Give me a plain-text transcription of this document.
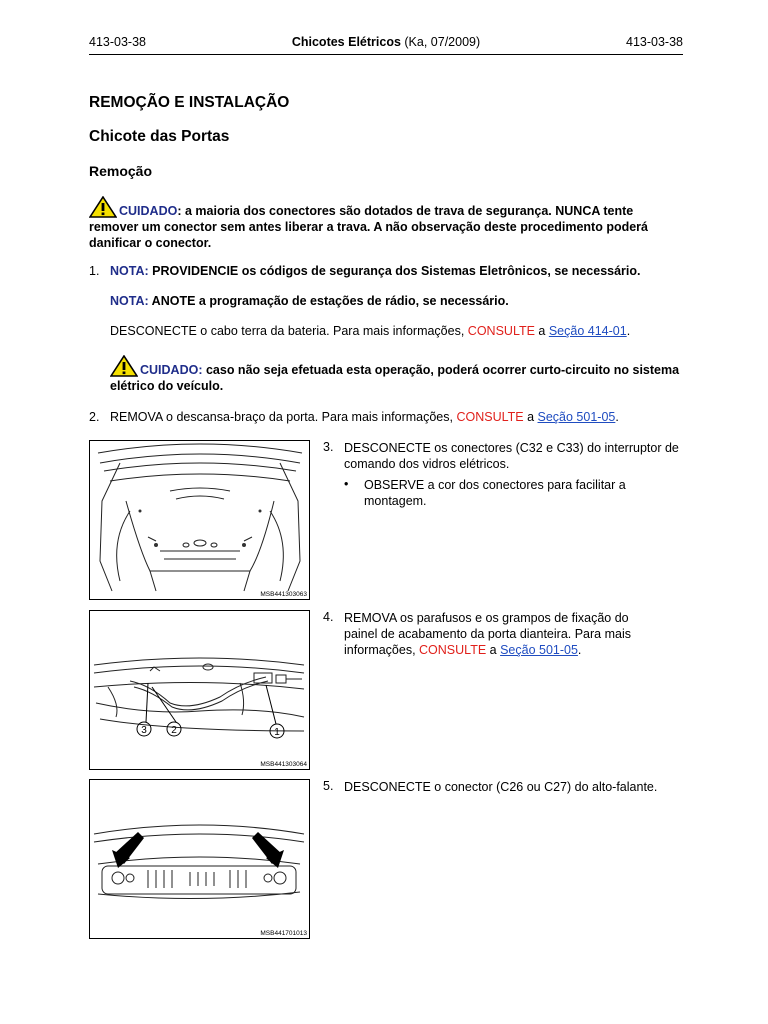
413-03-38	Chicotes Elétricos (Ka, 07/2009)	413-03-38
REMOÇÃO E INSTALAÇÃO
Chicote das Portas
Remoção
CUIDADO: a maioria dos conectores são dotados de trava de segurança. NUNCA tente remover um conector sem antes liberar a trava. A não observação deste procedimento poderá danificar o conector.
1. NOTA: PROVIDENCIE os códigos de segurança dos Sistemas Eletrônicos, se necessário.
NOTA: ANOTE a programação de estações de rádio, se necessário.
DESCONECTE o cabo terra da bateria. Para mais informações, CONSULTE a Seção 414-01.
CUIDADO: caso não seja efetuada esta operação, poderá ocorrer curto-circuito no sistema elétrico do veículo.
2. REMOVA o descansa-braço da porta. Para mais informações, CONSULTE a Seção 501-05.
MSB441303063
3. DESCONECTE os conectores (C32 e C33) do interruptor de comando dos vidros elétricos.
• OBSERVE a cor dos conectores para facilitar a montagem.
3 2	1
MSB441303064
4. REMOVA os parafusos e os grampos de fixação do painel de acabamento da porta dianteira. Para mais informações, CONSULTE a Seção 501-05.
MSB441701013
5. DESCONECTE o conector (C26 ou C27) do alto-falante.
